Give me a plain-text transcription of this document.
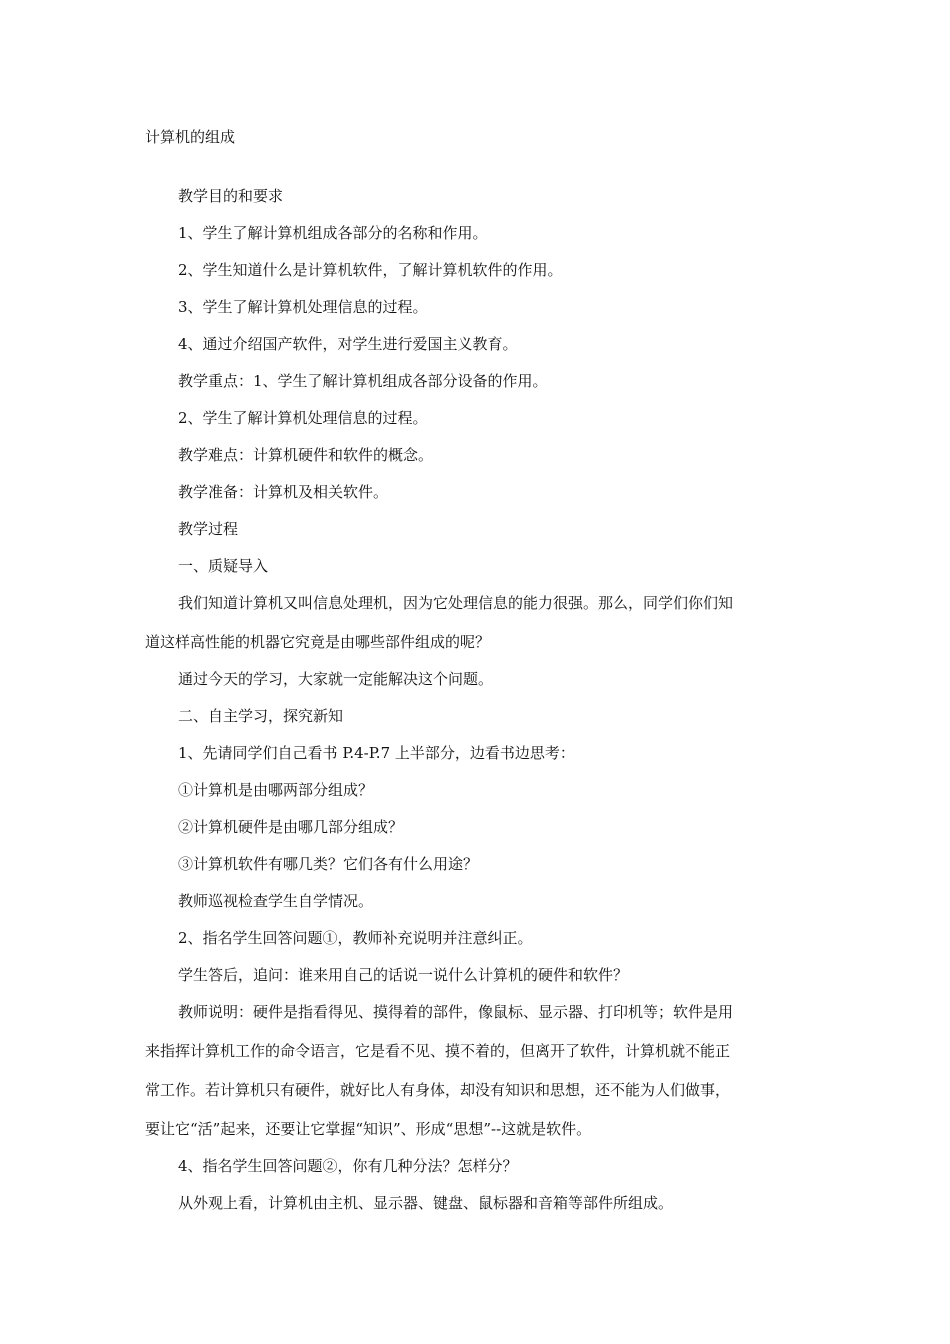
计算机的组成
教学目的和要求
1、学生了解计算机组成各部分的名称和作用。
2、学生知道什么是计算机软件，了解计算机软件的作用。
3、学生了解计算机处理信息的过程。
4、通过介绍国产软件，对学生进行爱国主义教育。
教学重点：1、学生了解计算机组成各部分设备的作用。
2、学生了解计算机处理信息的过程。
教学难点：计算机硬件和软件的概念。
教学准备：计算机及相关软件。
教学过程
一、质疑导入
我们知道计算机又叫信息处理机，因为它处理信息的能力很强。那么，同学们你们知
道这样高性能的机器它究竟是由哪些部件组成的呢？
通过今天的学习，大家就一定能解决这个问题。
二、自主学习，探究新知
1、先请同学们自己看书 P.4-P.7 上半部分，边看书边思考：
①计算机是由哪两部分组成？
②计算机硬件是由哪几部分组成？
③计算机软件有哪几类？它们各有什么用途？
教师巡视检查学生自学情况。
2、指名学生回答问题①，教师补充说明并注意纠正。
学生答后，追问：谁来用自己的话说一说什么计算机的硬件和软件？
教师说明：硬件是指看得见、摸得着的部件，像鼠标、显示器、打印机等；软件是用
来指挥计算机工作的命令语言，它是看不见、摸不着的，但离开了软件，计算机就不能正
常工作。若计算机只有硬件，就好比人有身体，却没有知识和思想，还不能为人们做事，
要让它“活”起来，还要让它掌握“知识”、形成“思想”--这就是软件。
4、指名学生回答问题②，你有几种分法？怎样分？
从外观上看，计算机由主机、显示器、键盘、鼠标器和音箱等部件所组成。
